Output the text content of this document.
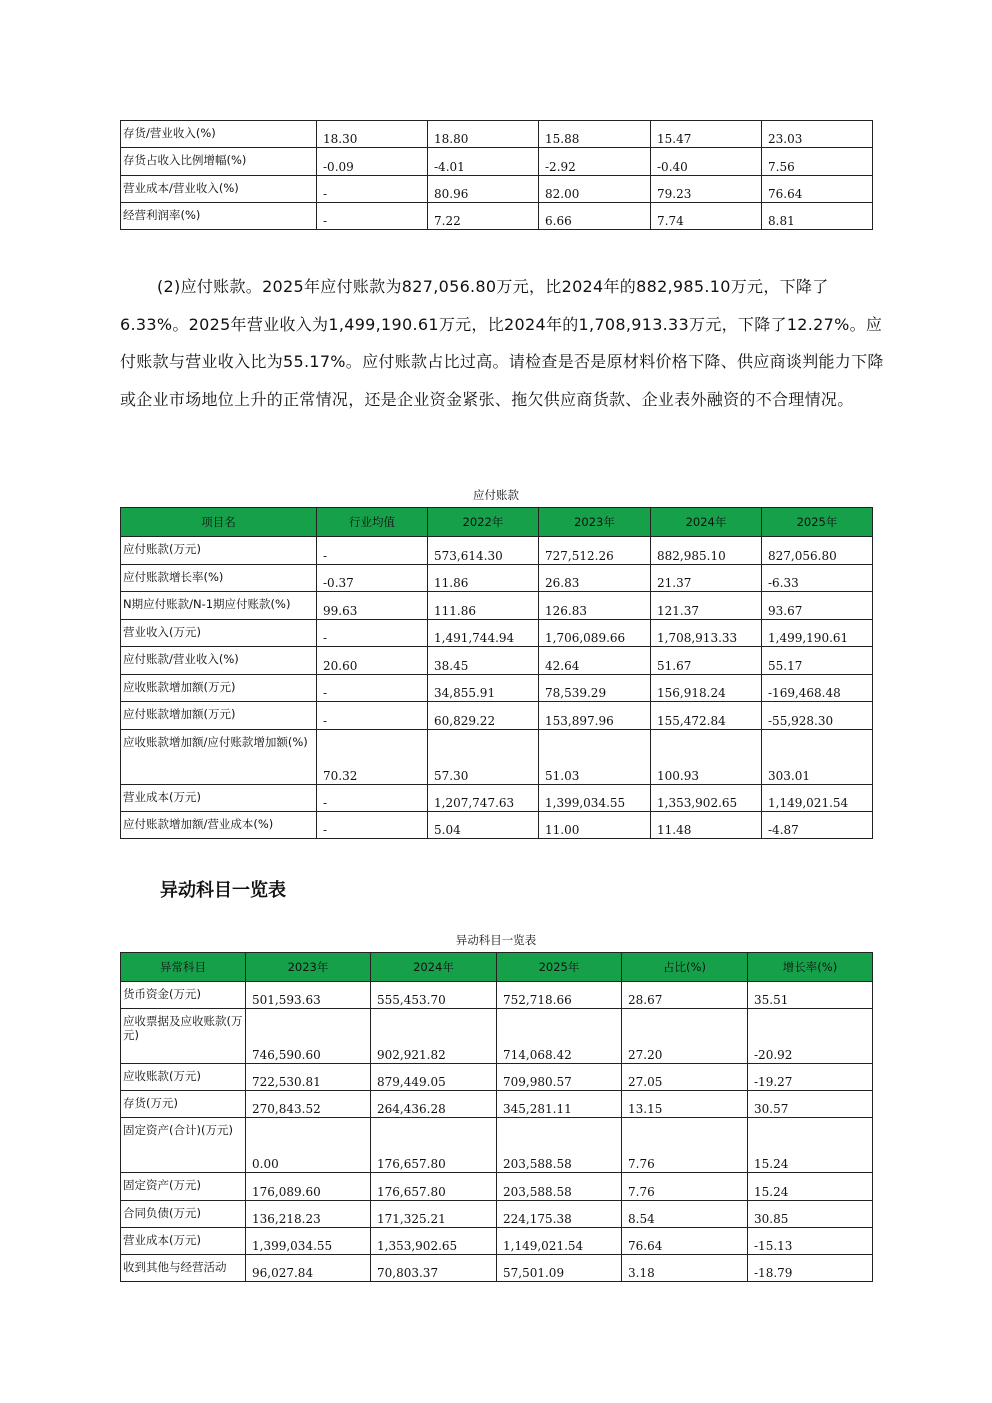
存货/营业收入(%)	18.30	18.80	15.88	15.47	23.03
存货占收入比例增幅(%)	-0.09	-4.01	-2.92	-0.40	7.56
营业成本/营业收入(%)	-	80.96	82.00	79.23	76.64
经营利润率(%)	-	7.22	6.66	7.74	8.81
(2)应付账款。2025年应付账款为827,056.80万元，比2024年的882,985.10万元，下降了6.33%。2025年营业收入为1,499,190.61万元，比2024年的1,708,913.33万元，下降了12.27%。应付账款与营业收入比为55.17%。应付账款占比过高。请检查是否是原材料价格下降、供应商谈判能力下降或企业市场地位上升的正常情况，还是企业资金紧张、拖欠供应商货款、企业表外融资的不合理情况。
应付账款
项目名	行业均值	2022年	2023年	2024年	2025年
应付账款(万元)	-	573,614.30	727,512.26	882,985.10	827,056.80
应付账款增长率(%)	-0.37	11.86	26.83	21.37	-6.33
N期应付账款/N-1期应付账款(%)	99.63	111.86	126.83	121.37	93.67
营业收入(万元)	-	1,491,744.94	1,706,089.66	1,708,913.33	1,499,190.61
应付账款/营业收入(%)	20.60	38.45	42.64	51.67	55.17
应收账款增加额(万元)	-	34,855.91	78,539.29	156,918.24	-169,468.48
应付账款增加额(万元)	-	60,829.22	153,897.96	155,472.84	-55,928.30
应收账款增加额/应付账款增加额(%)	70.32	57.30	51.03	100.93	303.01
营业成本(万元)	-	1,207,747.63	1,399,034.55	1,353,902.65	1,149,021.54
应付账款增加额/营业成本(%)	-	5.04	11.00	11.48	-4.87
异动科目一览表
异动科目一览表
异常科目	2023年	2024年	2025年	占比(%)	增长率(%)
货币资金(万元)	501,593.63	555,453.70	752,718.66	28.67	35.51
应收票据及应收账款(万元)	746,590.60	902,921.82	714,068.42	27.20	-20.92
应收账款(万元)	722,530.81	879,449.05	709,980.57	27.05	-19.27
存货(万元)	270,843.52	264,436.28	345,281.11	13.15	30.57
固定资产(合计)(万元)	0.00	176,657.80	203,588.58	7.76	15.24
固定资产(万元)	176,089.60	176,657.80	203,588.58	7.76	15.24
合同负债(万元)	136,218.23	171,325.21	224,175.38	8.54	30.85
营业成本(万元)	1,399,034.55	1,353,902.65	1,149,021.54	76.64	-15.13
收到其他与经营活动	96,027.84	70,803.37	57,501.09	3.18	-18.79
